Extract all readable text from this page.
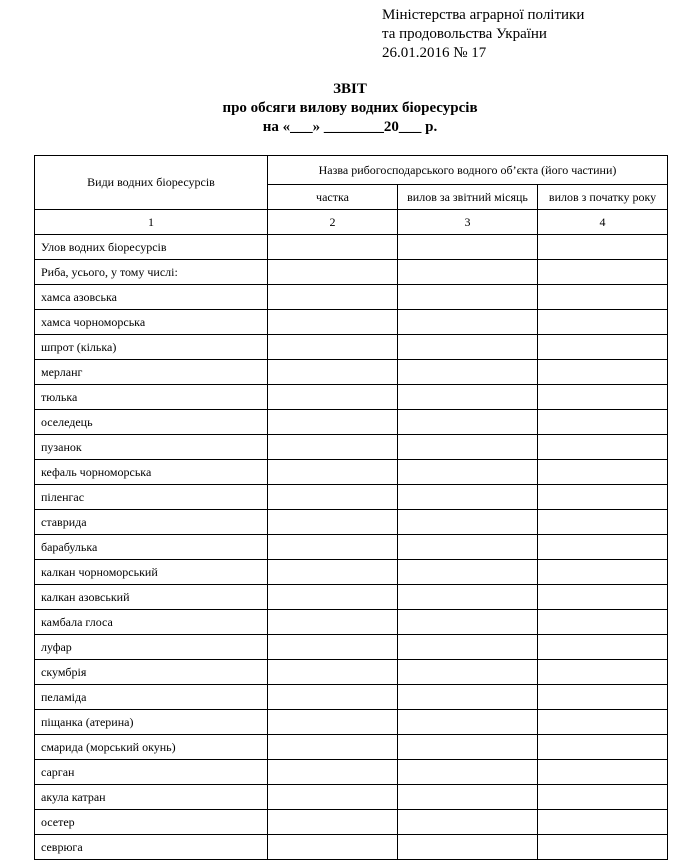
Міністерства аграрної політики
та продовольства України
26.01.2016 № 17
ЗВІТ
про обсяги вилову водних біоресурсів
на «___» ________20___ р.
Види водних біоресурсів	Назва рибогосподарського водного об’єкта (його частини)		
	частка	вилов за звітний місяць	вилов з початку року
1	2	3	4
Улов водних біоресурсів			
Риба, усього, у тому числі:			
хамса азовська			
хамса чорноморська			
шпрот (кілька)			
мерланг			
тюлька			
оселедець			
пузанок			
кефаль чорноморська			
піленгас			
ставрида			
барабулька			
калкан чорноморський			
калкан азовський			
камбала глоса			
луфар			
скумбрія			
пеламіда			
піщанка (атерина)			
смарида (морський окунь)			
сарган			
акула катран			
осетер			
севрюга			
